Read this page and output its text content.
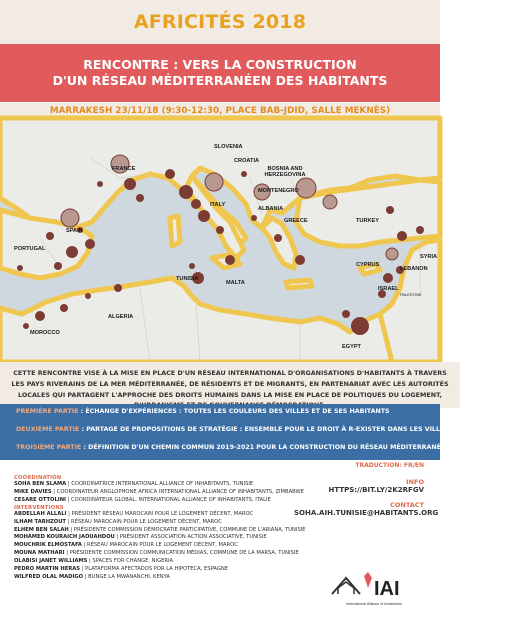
AFRICITÉS 2018
RENCONTRE : VERS LA CONSTRUCTION
D'UN RÉSEAU MÉDITERRANÉEN DES HABITANTS
MARRAKESH 23/11/18 (9:30-12:30, PLACE BAB-JDID, SALLE MEKNÈS)
FRANCE
SLOVENIA
CROATIA
BOSNIA AND HERZEGOVINA
MONTENEGRO
ITALY
ALBANIA
GREECE	TURKEY
SPAIN
PORTUGAL
TUNISIA
MALTA
ALGERIA
MOROCCO
CYPRUS
LEBANON
SYRIA
ISRAEL
PALESTINE
EGYPT

CETTE RENCONTRE VISE À LA MISE EN PLACE D'UN RÉSEAU INTERNATIONAL D'ORGANISATIONS D'HABITANTS À TRAVERS LES PAYS RIVERAINS DE LA MER MÉDITERRANÉE, DE RÉSIDENTS ET DE MIGRANTS, EN PARTENARIAT AVEC LES AUTORITÉS LOCALES QUI PARTAGENT L'APPROCHE DES DROITS HUMAINS DANS LA MISE EN PLACE DE POLITIQUES DU LOGEMENT,

PREMIÈRE PARTIE : ÉCHANGE D'EXPÉRIENCES : TOUTES LES COULEURS DES VILLES ET DE SES HABITANTS
DEUXIÈME PARTIE : PARTAGE DE PROPOSITIONS DE STRATÉGIE : ENSEMBLE POUR LE DROIT À R-EXISTER DANS LES VILLES
TROISIÈME PARTIE : DÉFINITION D'UN CHEMIN COMMUN 2019-2021 POUR LA CONSTRUCTION DU RÉSEAU MÉDITERRANÉEN DES HABITANTS
TRADUCTION: FR/EN
COORDINATION
SOHA BEN SLAMA | COORDINATRICE INTERNATIONAL ALLIANCE OF INHABITANTS, TUNISIE
MIKE DAVIES | COORDINATEUR ANGLOPHONE AFRICA INTERNATIONAL ALLIANCE OF INHABITANTS, ZIMBABWE
CESARE OTTOLINI | COORDINATEUR GLOBAL, INTERNATIONAL ALLIANCE OF INHABITANTS, ITALIE
INTERVENTIONS
ABDELLAH ALLALI | PRÉSIDENT RÉSEAU MAROCAIN POUR LE LOGEMENT DÉCENT, MAROC
ILHAM TARHZOUT | RÉSEAU MAROCAIN POUR LE LOGEMENT DÉCENT, MAROC
ELHEM BEN SALAH | PRÉSIDENTE COMMISSION DÉMOCRATIE PARTICIPATIVE, COMMUNE DE L'ARIANA, TUNISIE
MOHAMED KOURAICH JAOUAHDOU | PRÉSIDENT ASSOCIATION ACTION ASSOCIATIVE, TUNISIE
MOUCHRIK ELMOSTAFA | RÉSEAU MAROCAIN POUR LE LOGEMENT DÉCENT, MAROC
MOUNA MATHARI | PRÉSIDENTE COMMISSION COMMUNICATION MÉDIAS, COMMUNE DE LA MARSA, TUNISIE
OLABISI JANET WILLIAMS | SPACES FOR CHANGE, NIGERIA
PEDRO MARTIN HERAS | PLATAFORMA AFECTADOS POR LA HIPOTECA, ESPAGNE
WILFRED OLAL MADIGO | BUNGE LA MWANANCHI, KENYA
INFO
HTTPS://BIT.LY/2K2RFGV
CONTACT
SOHA.AIH.TUNISIE@HABITANTS.ORG
IAI
International Alliance of Inhabitants
